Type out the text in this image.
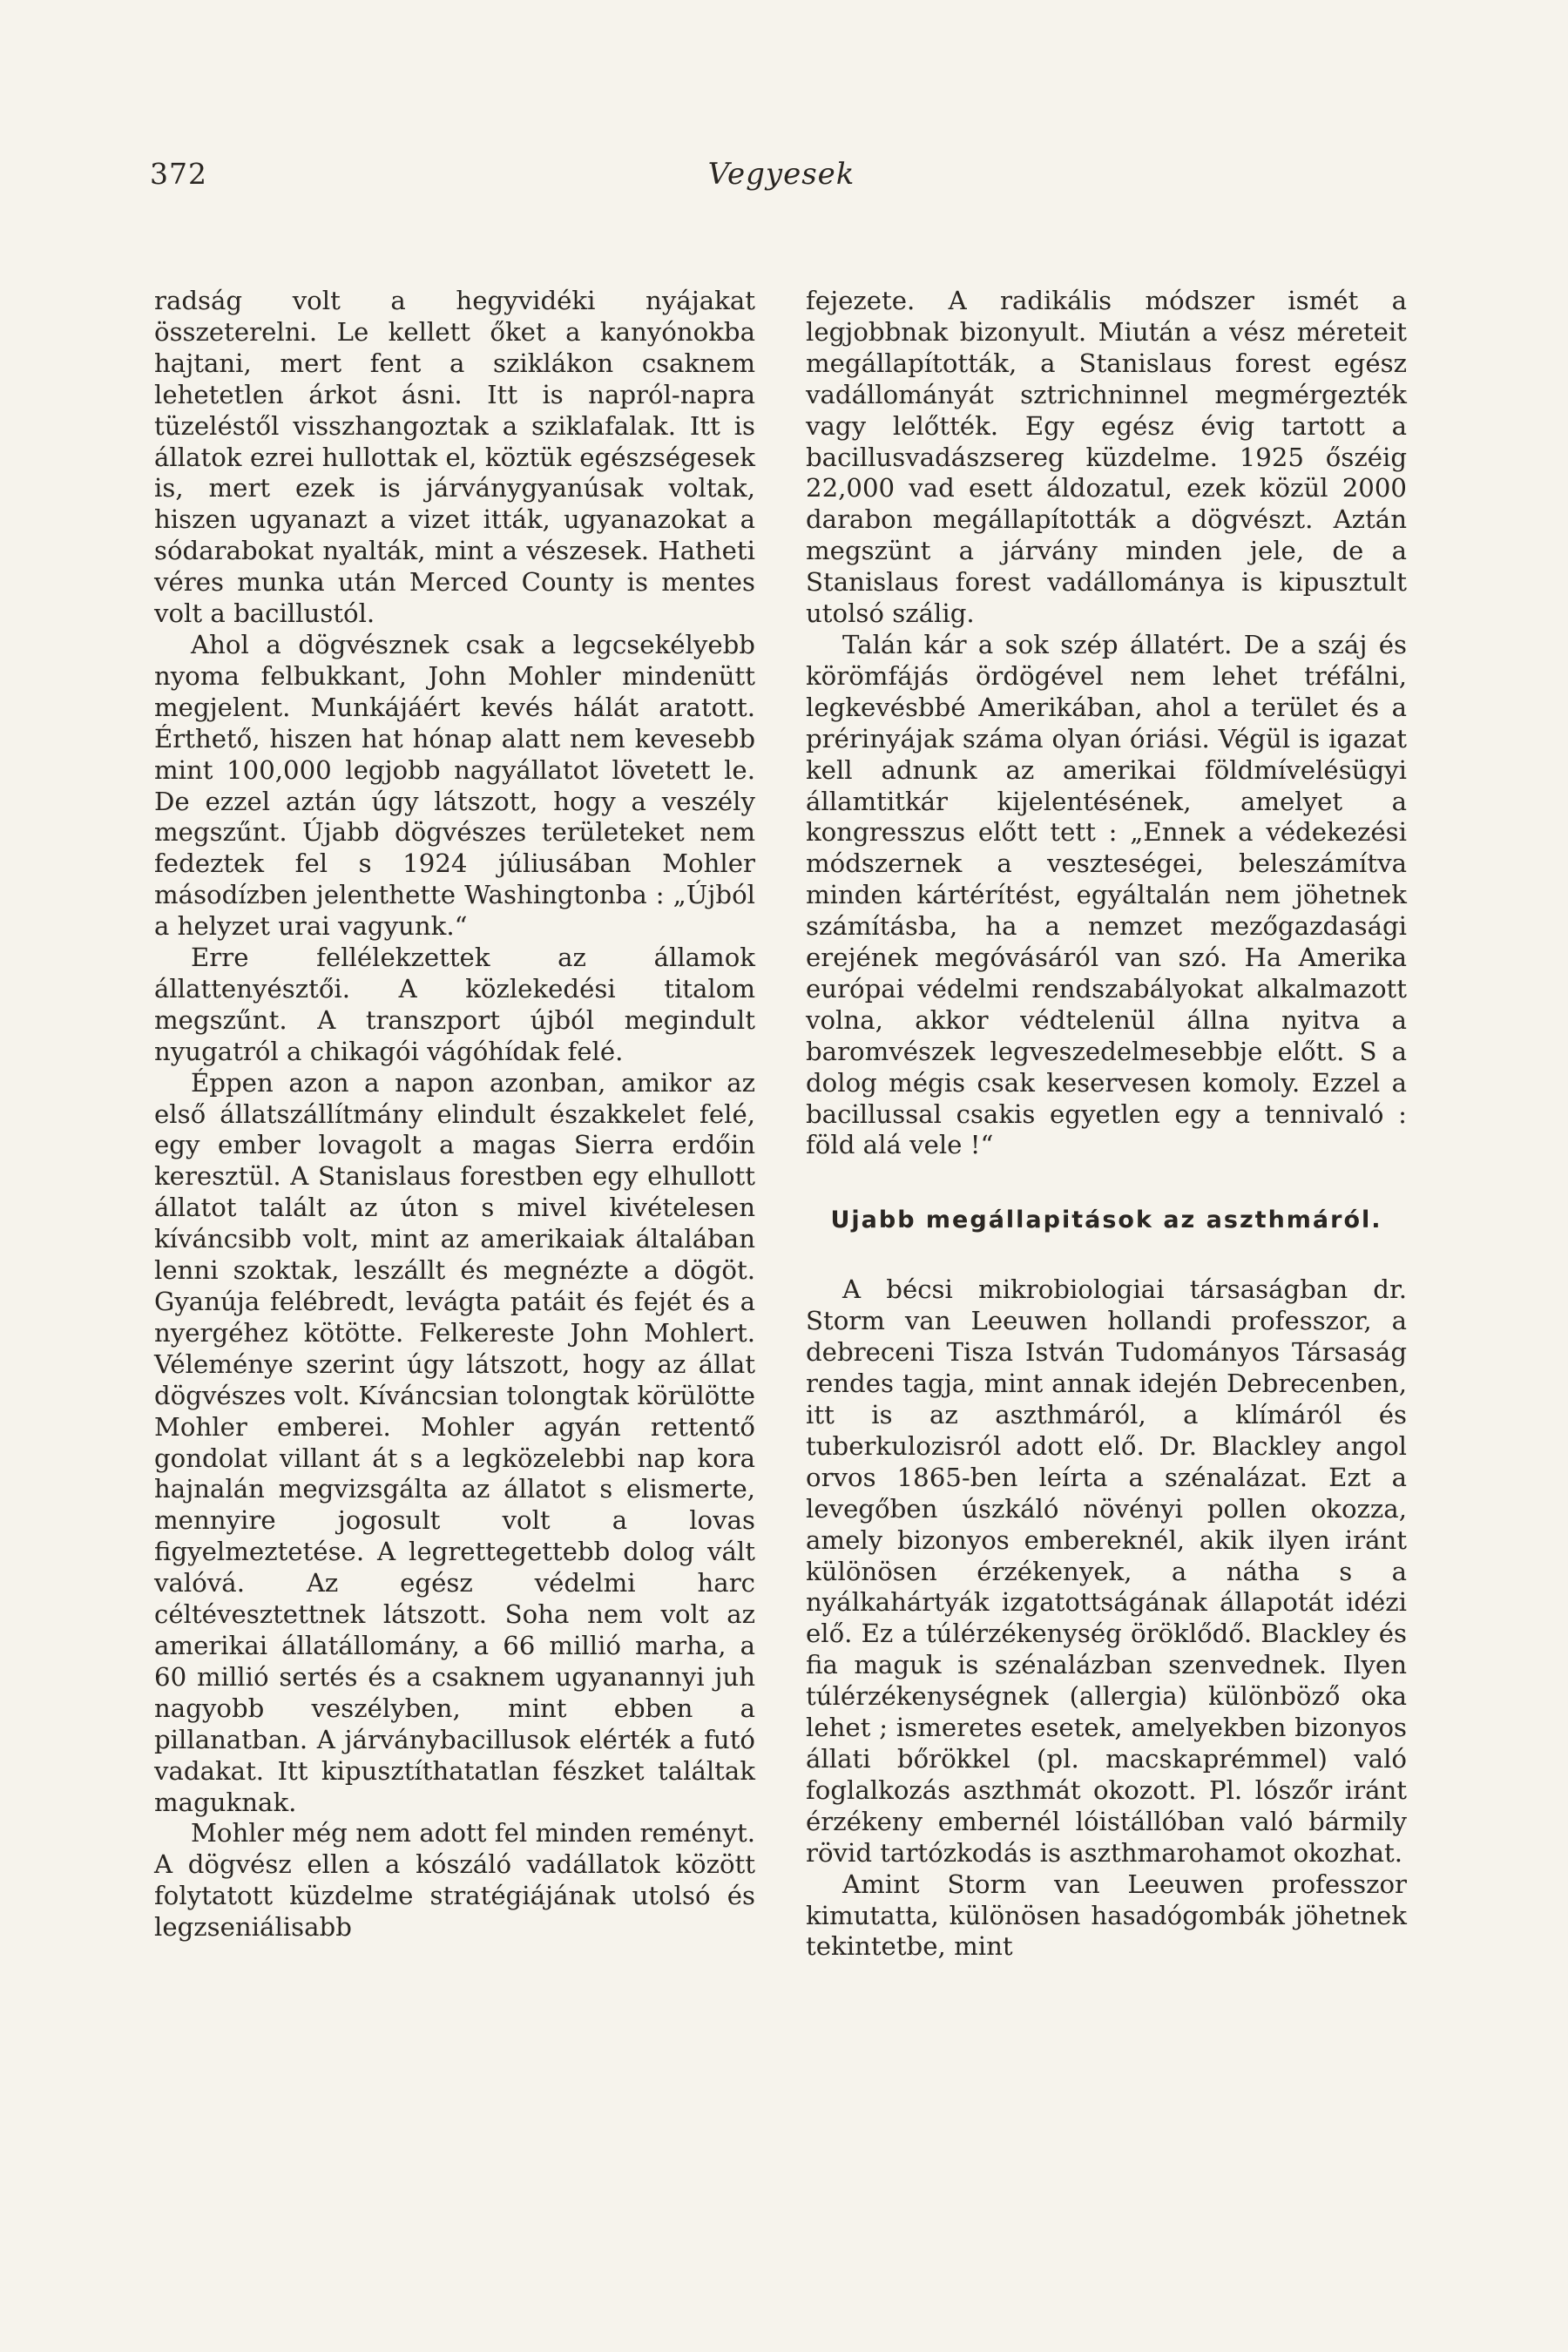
372	Vegyesek

radság volt a hegyvidéki nyájakat összeterelni. Le kellett őket a kanyónokba hajtani, mert fent a sziklákon csaknem lehetetlen árkot ásni. Itt is napról-napra tüzeléstől visszhangoztak a sziklafalak. Itt is állatok ezrei hullottak el, köztük egészségesek is, mert ezek is járványgyanúsak voltak, hiszen ugyanazt a vizet itták, ugyanazokat a sódarabokat nyalták, mint a vészesek. Hatheti véres munka után Merced County is mentes volt a bacillustól.

Ahol a dögvésznek csak a legcsekélyebb nyoma felbukkant, John Mohler mindenütt megjelent. Munkájáért kevés hálát aratott. Érthető, hiszen hat hónap alatt nem kevesebb mint 100,000 legjobb nagyállatot lövetett le. De ezzel aztán úgy látszott, hogy a veszély megszűnt. Újabb dögvészes területeket nem fedeztek fel s 1924 júliusában Mohler másodízben jelenthette Washingtonba : „Újból a helyzet urai vagyunk.“

Erre fellélekzettek az államok állattenyésztői. A közlekedési titalom megszűnt. A transzport újból megindult nyugatról a chikagói vágóhídak felé.

Éppen azon a napon azonban, amikor az első állatszállítmány elindult északkelet felé, egy ember lovagolt a magas Sierra erdőin keresztül. A Stanislaus forestben egy elhullott állatot talált az úton s mivel kivételesen kíváncsibb volt, mint az amerikaiak általában lenni szoktak, leszállt és megnézte a dögöt. Gyanúja felébredt, levágta patáit és fejét és a nyergéhez kötötte. Felkereste John Mohlert. Véleménye szerint úgy látszott, hogy az állat dögvészes volt. Kíváncsian tolongtak körülötte Mohler emberei. Mohler agyán rettentő gondolat villant át s a legközelebbi nap kora hajnalán megvizsgálta az állatot s elismerte, mennyire jogosult volt a lovas figyelmeztetése. A legrettegettebb dolog vált valóvá. Az egész védelmi harc céltévesztettnek látszott. Soha nem volt az amerikai állatállomány, a 66 millió marha, a 60 millió sertés és a csaknem ugyanannyi juh nagyobb veszélyben, mint ebben a pillanatban. A járványbacillusok elérték a futó vadakat. Itt kipusztíthatatlan fészket találtak maguknak.

Mohler még nem adott fel minden reményt. A dögvész ellen a kószáló vadállatok között folytatott küzdelme stratégiájának utolsó és legzseniálisabb

fejezete. A radikális módszer ismét a legjobbnak bizonyult. Miután a vész méreteit megállapították, a Stanislaus forest egész vadállományát sztrichninnel megmérgezték vagy lelőtték. Egy egész évig tartott a bacillusvadászsereg küzdelme. 1925 őszéig 22,000 vad esett áldozatul, ezek közül 2000 darabon megállapították a dögvészt. Aztán megszünt a járvány minden jele, de a Stanislaus forest vadállománya is kipusztult utolsó szálig.

Talán kár a sok szép állatért. De a száj és körömfájás ördögével nem lehet tréfálni, legkevésbbé Amerikában, ahol a terület és a prérinyájak száma olyan óriási. Végül is igazat kell adnunk az amerikai földmívelésügyi államtitkár kijelentésének, amelyet a kongresszus előtt tett : „Ennek a védekezési módszernek a veszteségei, beleszámítva minden kártérítést, egyáltalán nem jöhetnek számításba, ha a nemzet mezőgazdasági erejének megóvásáról van szó. Ha Amerika európai védelmi rendszabályokat alkalmazott volna, akkor védtelenül állna nyitva a baromvészek legveszedelmesebbje előtt. S a dolog mégis csak keservesen komoly. Ezzel a bacillussal csakis egyetlen egy a tennivaló : föld alá vele !“

Ujabb megállapitások az aszthmáról.

A bécsi mikrobiologiai társaságban dr. Storm van Leeuwen hollandi professzor, a debreceni Tisza István Tudományos Társaság rendes tagja, mint annak idején Debrecenben, itt is az aszthmáról, a klímáról és tuberkulozisról adott elő. Dr. Blackley angol orvos 1865-ben leírta a szénalázat. Ezt a levegőben úszkáló növényi pollen okozza, amely bizonyos embereknél, akik ilyen iránt különösen érzékenyek, a nátha s a nyálkahártyák izgatottságának állapotát idézi elő. Ez a túlérzékenység öröklődő. Blackley és fia maguk is szénalázban szenvednek. Ilyen túlérzékenységnek (allergia) különböző oka lehet ; ismeretes esetek, amelyekben bizonyos állati bőrökkel (pl. macskaprémmel) való foglalkozás aszthmát okozott. Pl. lószőr iránt érzékeny embernél lóistállóban való bármily rövid tartózkodás is aszthmarohamot okozhat.

Amint Storm van Leeuwen professzor kimutatta, különösen hasadógombák jöhetnek tekintetbe, mint
